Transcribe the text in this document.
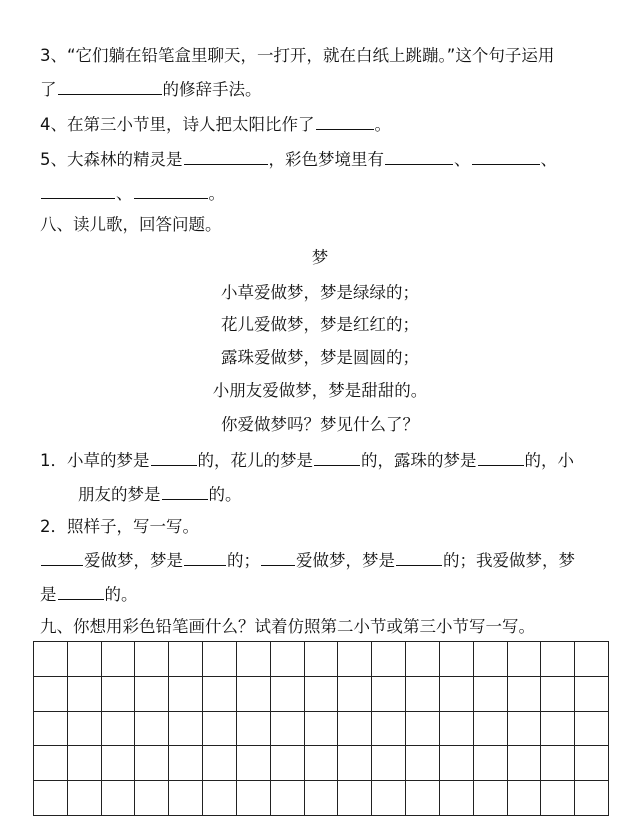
3、“它们躺在铅笔盒里聊天，一打开，就在白纸上跳蹦。”这个句子运用
了	的修辞手法。
4、在第三小节里，诗人把太阳比作了	。
5、大森林的精灵是	，彩色梦境里有	、	、
、	。
八、读儿歌，回答问题。
梦
小草爱做梦，梦是绿绿的；
花儿爱做梦，梦是红红的；
露珠爱做梦，梦是圆圆的；
小朋友爱做梦，梦是甜甜的。
你爱做梦吗？梦见什么了？
1．小草的梦是	的，花儿的梦是	的，露珠的梦是	的，小
朋友的梦是	的。
2．照样子，写一写。
爱做梦，梦是	的； 爱做梦，梦是	的；我爱做梦，梦
是	的。
九、你想用彩色铅笔画什么？试着仿照第二小节或第三小节写一写。
